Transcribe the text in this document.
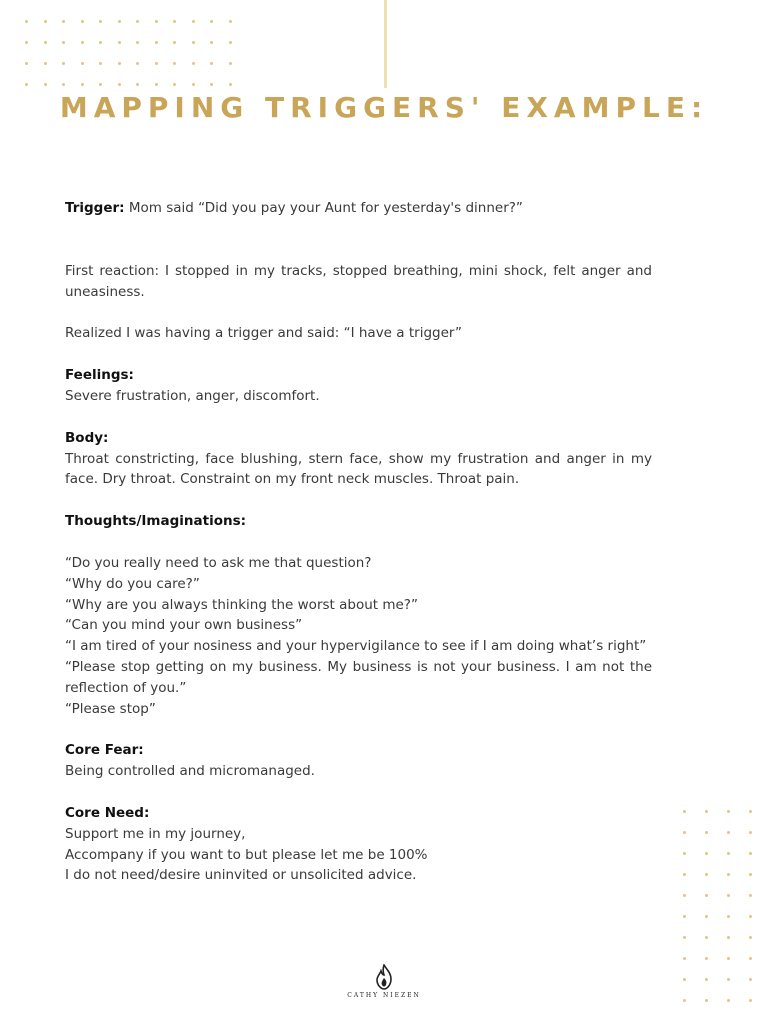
MAPPING TRIGGERS' EXAMPLE:

Trigger: Mom said “Did you pay your Aunt for yesterday's dinner?”

First reaction: I stopped in my tracks, stopped breathing, mini shock, felt anger and uneasiness.

Realized I was having a trigger and said: “I have a trigger”

Feelings:

Severe frustration, anger, discomfort.

Body:

Throat constricting, face blushing, stern face, show my frustration and anger in my face. Dry throat. Constraint on my front neck muscles. Throat pain.

Thoughts/Imaginations:

“Do you really need to ask me that question?

“Why do you care?”

“Why are you always thinking the worst about me?”

“Can you mind your own business”

“I am tired of your nosiness and your hypervigilance to see if I am doing what’s right”

“Please stop getting on my business. My business is not your business. I am not the reflection of you.”

“Please stop”

Core Fear:

Being controlled and micromanaged.

Core Need:

Support me in my journey,

Accompany if you want to but please let me be 100%

I do not need/desire uninvited or unsolicited advice.

CATHY NIEZEN
